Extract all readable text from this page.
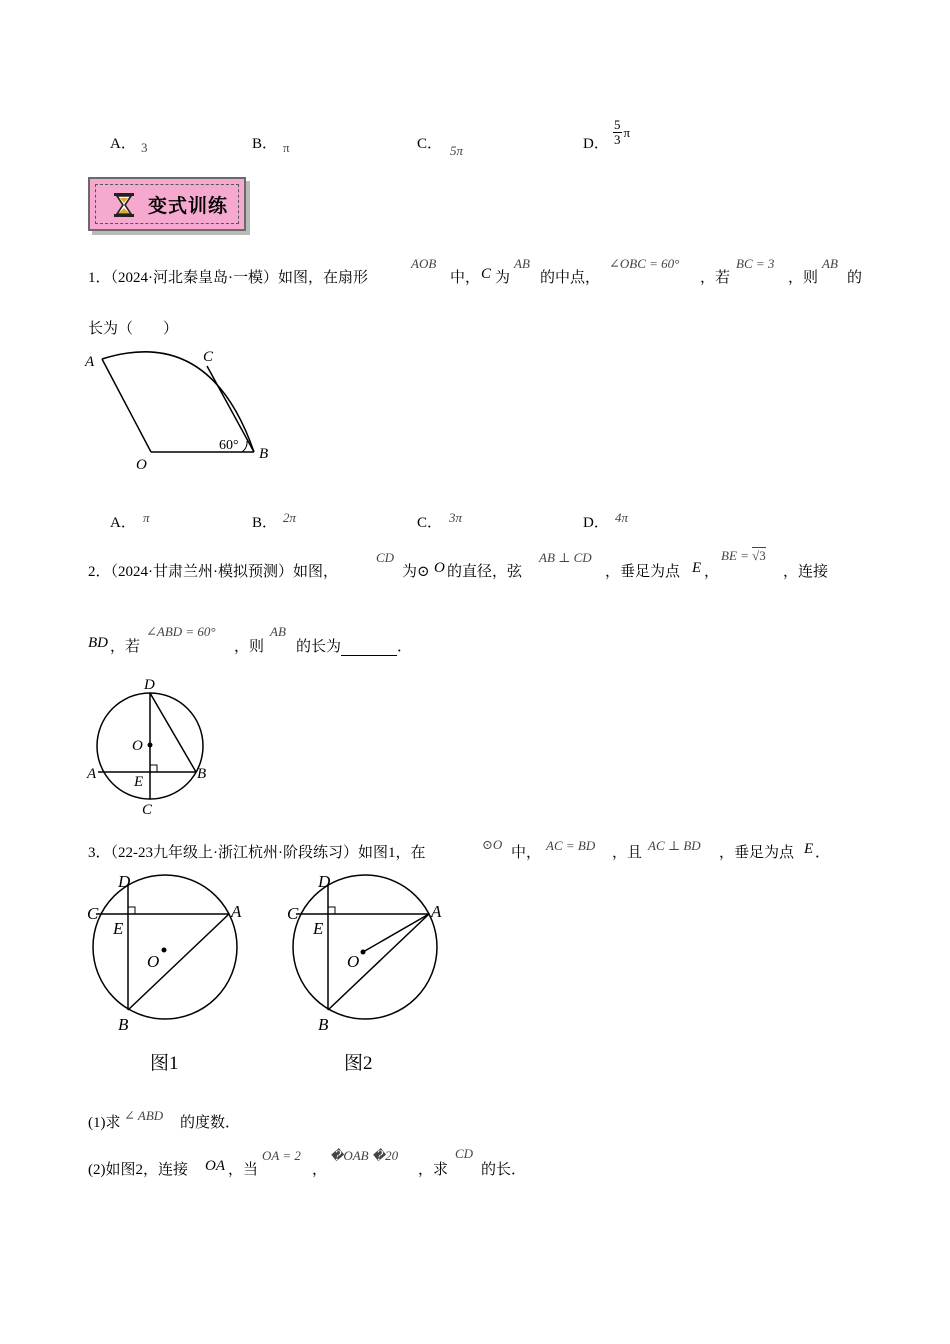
A． 3	B． π	C． 5π	D． $\frac{5}{3}$ π
变式训练
1．（2024·河北秦皇岛·一模）如图，在扇形
AOB
中， C 为
AB
的中点，
∠OBC = 60°
，若
BC = 3
，则
AB
的
长为（　　）
A	C
O
B
60°
A． π	B． 2π	C． 3π	D． 4π
2．（2024·甘肃兰州·模拟预测）如图，
CD
为⊙ O 的直径，弦
AB ⊥ CD
，垂足为点 E ，
BE = √3
，连接
BD ，若
∠ABD = 60°
，则
AB
的长为	．
D
O
A	E	B
C
3．（22-23九年级上·浙江杭州·阶段练习）如图1，在
⊙O
中， AC = BD ，且 AC ⊥ BD ，垂足为点 E ．
D
C
E
A
O
B
图1
D
C
E
A
O
B
图2
(1)求 ∠ ABD 的度数．
(2)如图2，连接 OA ，当
OA = 2
，
�OAB �20
，求
CD
的长．
